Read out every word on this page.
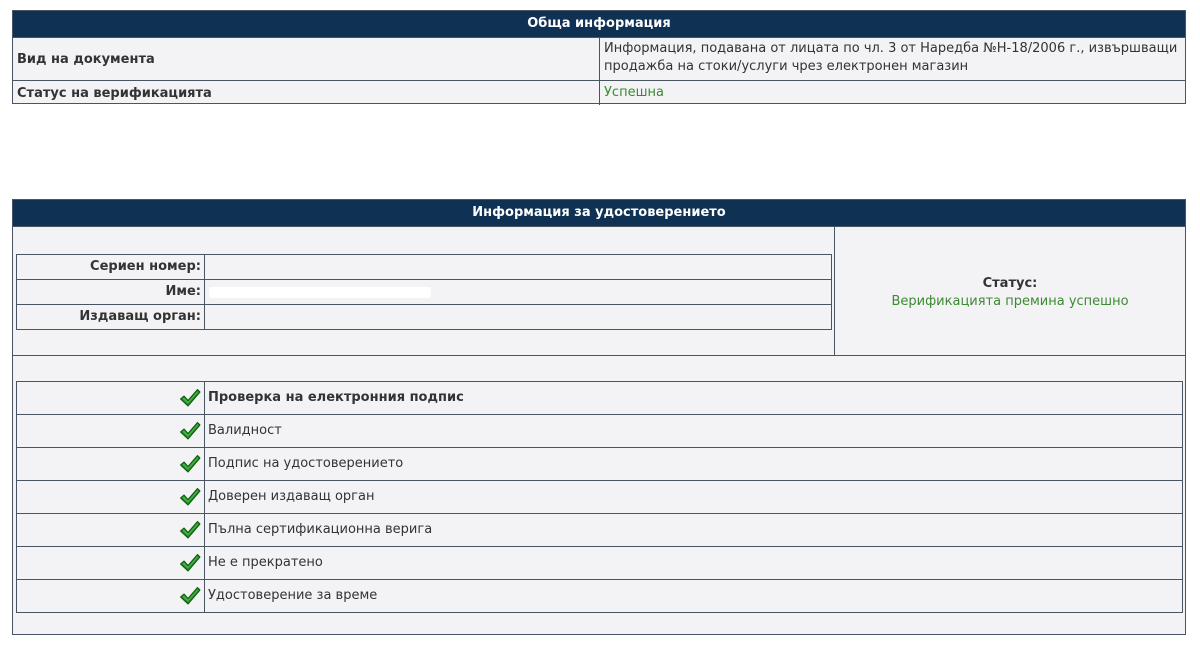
Обща информация
Вид на документа
Информация, подавана от лицата по чл. 3 от Наредба №Н-18/2006 г., извършващи продажба на стоки/услуги чрез електронен магазин
Статус на верификацията	Успешна
Информация за удостоверението
Сериен номер:
Име:
Издаващ орган:
Статус:
Верификацията премина успешно
Проверка на електронния подпис
Валидност
Подпис на удостоверението
Доверен издаващ орган
Пълна сертификационна верига
Не е прекратено
Удостоверение за време
